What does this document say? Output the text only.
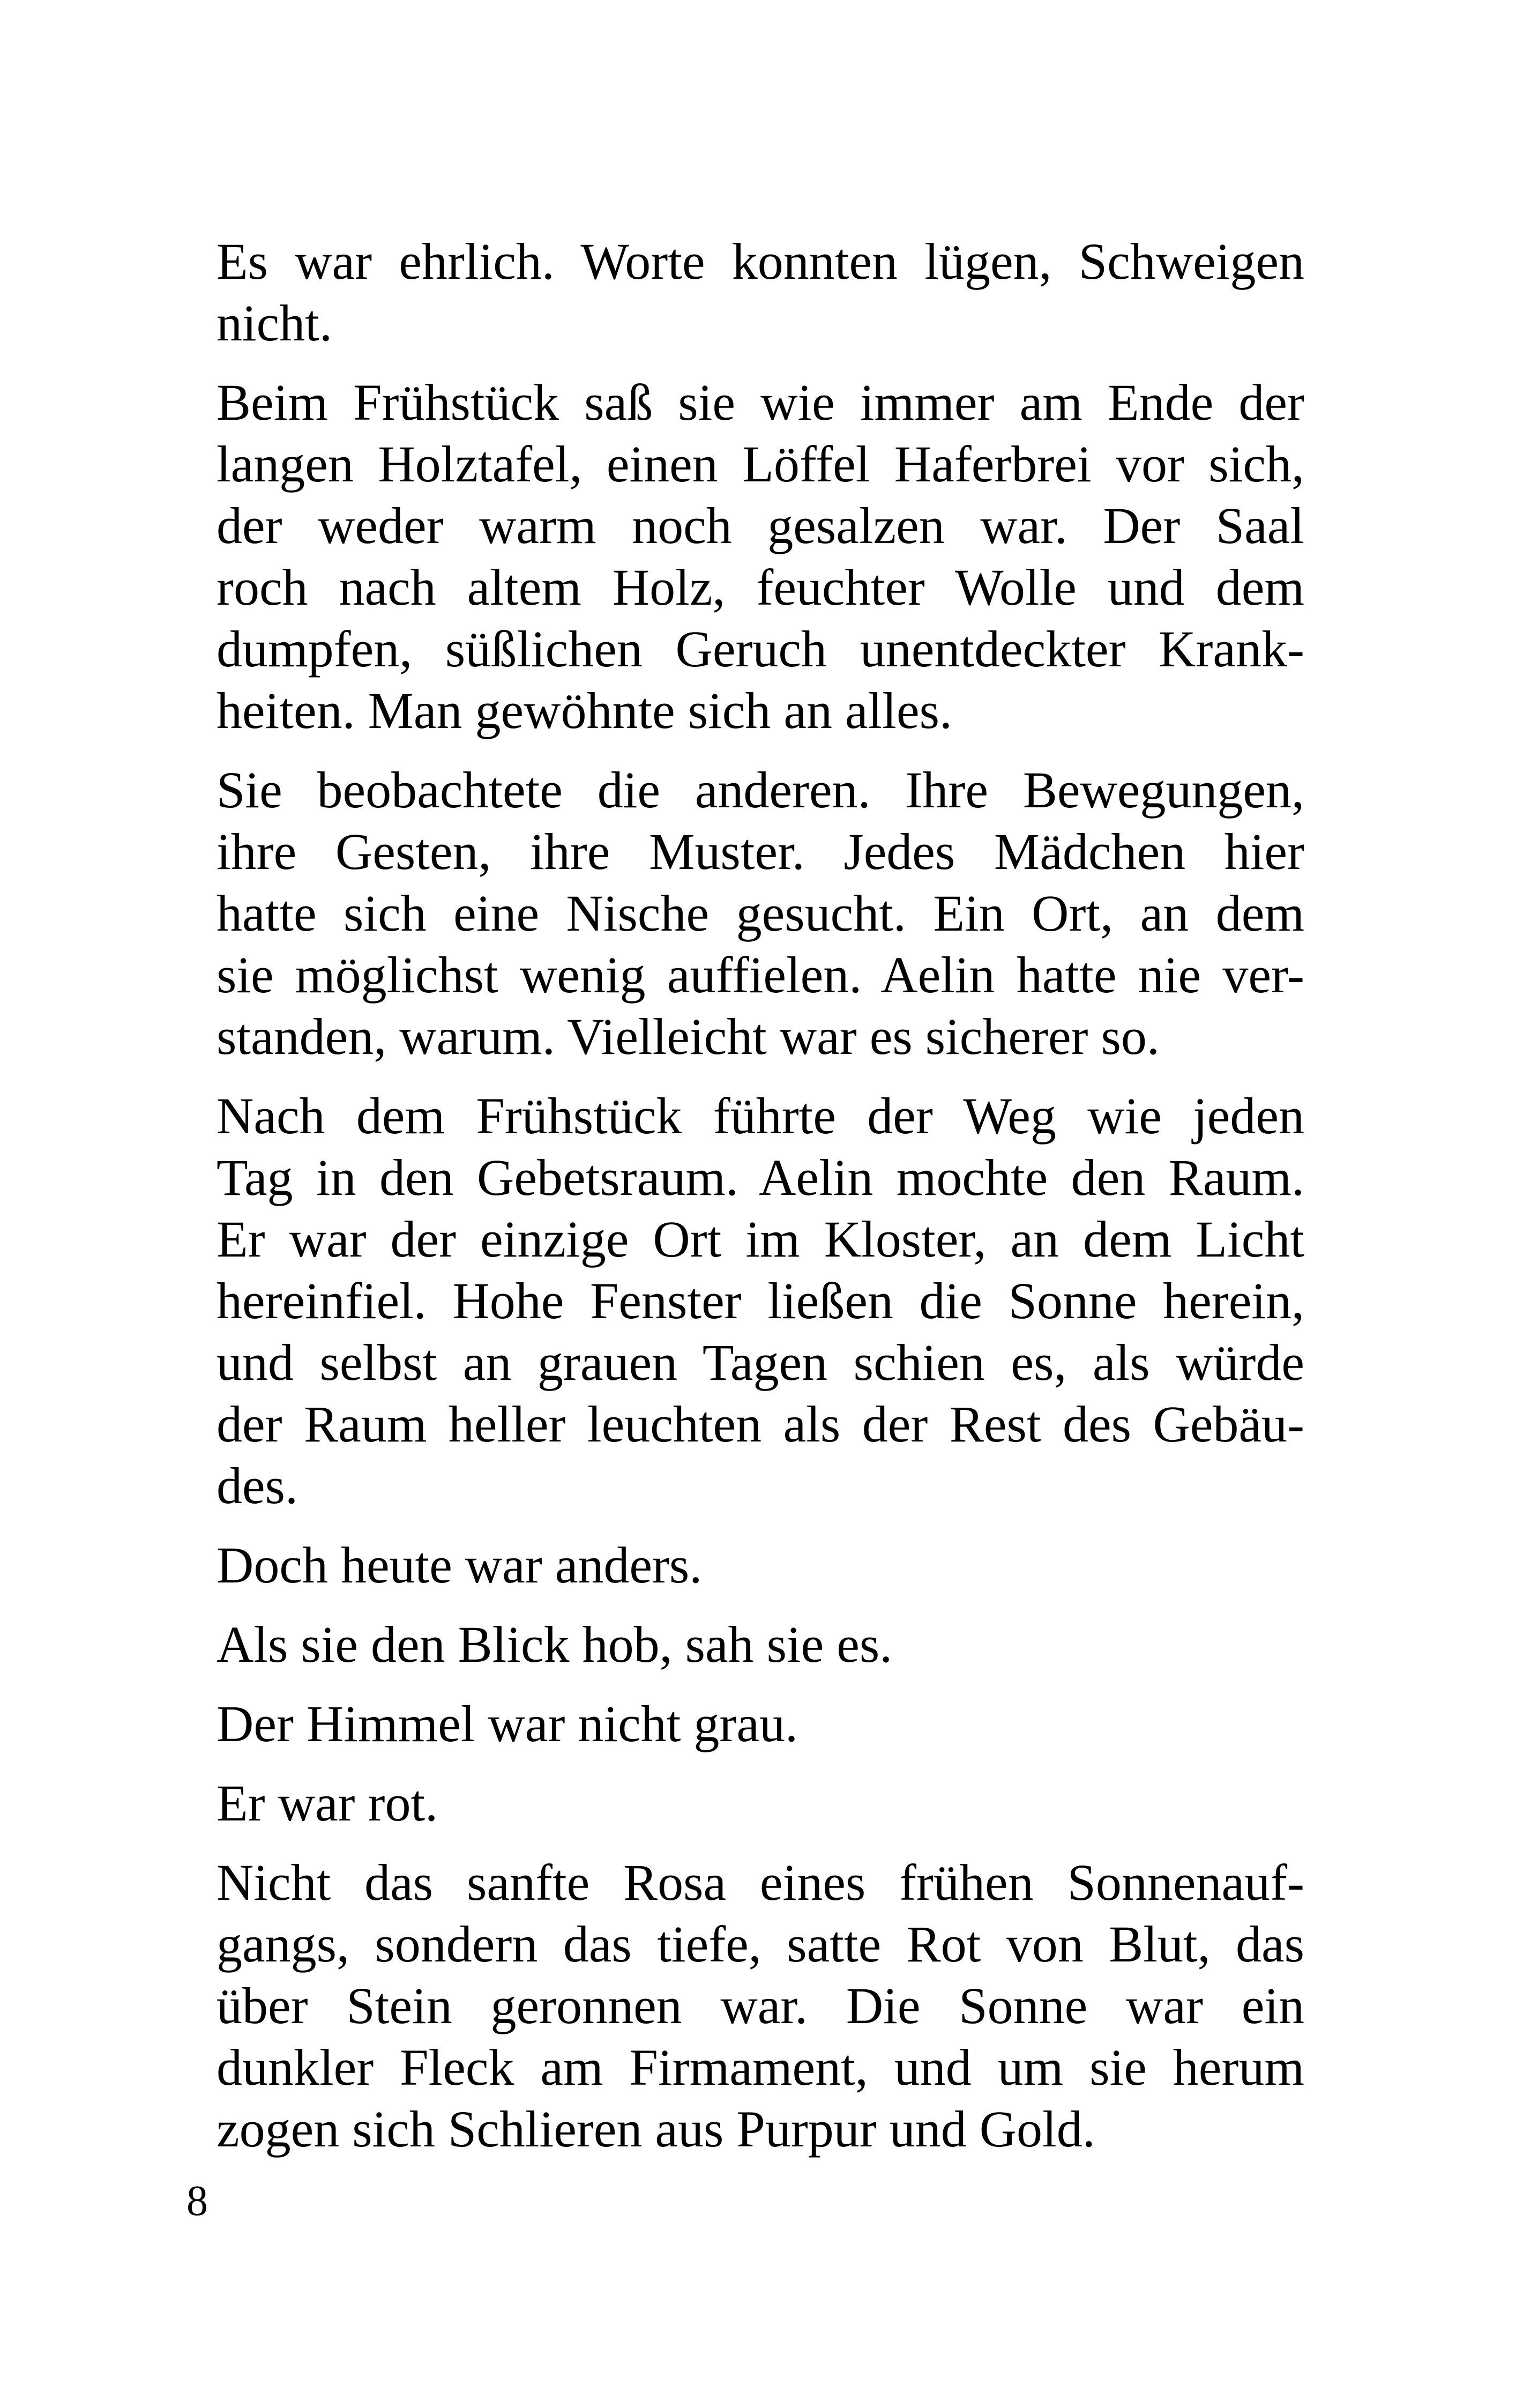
Es war ehrlich. Worte konnten lügen, Schweigen
nicht.
Beim Frühstück saß sie wie immer am Ende der
langen Holztafel, einen Löffel Haferbrei vor sich,
der weder warm noch gesalzen war. Der Saal
roch nach altem Holz, feuchter Wolle und dem
dumpfen, süßlichen Geruch unentdeckter Krank-
heiten. Man gewöhnte sich an alles.
Sie beobachtete die anderen. Ihre Bewegungen,
ihre Gesten, ihre Muster. Jedes Mädchen hier
hatte sich eine Nische gesucht. Ein Ort, an dem
sie möglichst wenig auffielen. Aelin hatte nie ver-
standen, warum. Vielleicht war es sicherer so.
Nach dem Frühstück führte der Weg wie jeden
Tag in den Gebetsraum. Aelin mochte den Raum.
Er war der einzige Ort im Kloster, an dem Licht
hereinfiel. Hohe Fenster ließen die Sonne herein,
und selbst an grauen Tagen schien es, als würde
der Raum heller leuchten als der Rest des Gebäu-
des.
Doch heute war anders.
Als sie den Blick hob, sah sie es.
Der Himmel war nicht grau.
Er war rot.
Nicht das sanfte Rosa eines frühen Sonnenauf-
gangs, sondern das tiefe, satte Rot von Blut, das
über Stein geronnen war. Die Sonne war ein
dunkler Fleck am Firmament, und um sie herum
zogen sich Schlieren aus Purpur und Gold.
8
